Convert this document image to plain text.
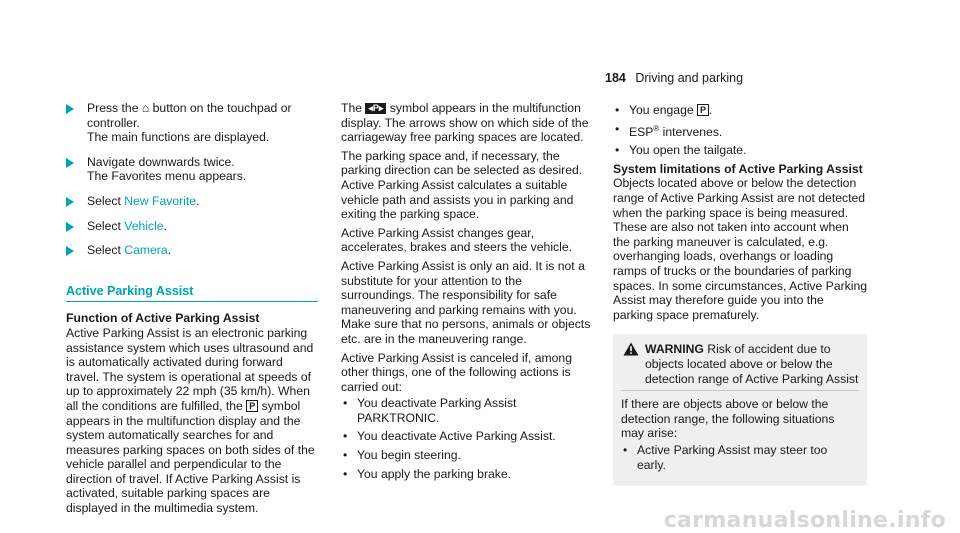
184 Driving and parking

Press the ⌂ button on the touchpad or controller.

The main functions are displayed.

Navigate downwards twice.

The Favorites menu appears.

Select New Favorite.

Select Vehicle.

Select Camera.

Active Parking Assist

Function of Active Parking Assist

Active Parking Assist is an electronic parking assistance system which uses ultrasound and is automatically activated during forward travel. The system is operational at speeds of up to approximately 22 mph (35 km/h). When all the conditions are fulfilled, the P symbol appears in the multifunction display and the system automatically searches for and measures parking spaces on both sides of the vehicle parallel and perpendicular to the direction of travel. If Active Parking Assist is activated, suitable parking spaces are displayed in the multimedia system.

The ◂P▸ symbol appears in the multifunction display. The arrows show on which side of the carriageway free parking spaces are located.

The parking space and, if necessary, the parking direction can be selected as desired. Active Parking Assist calculates a suitable vehicle path and assists you in parking and exiting the parking space.

Active Parking Assist changes gear, accelerates, brakes and steers the vehicle.

Active Parking Assist is only an aid. It is not a substitute for your attention to the surroundings. The responsibility for safe maneuvering and parking remains with you. Make sure that no persons, animals or objects etc. are in the maneuvering range.

Active Parking Assist is canceled if, among other things, one of the following actions is carried out:

• You deactivate Parking Assist PARKTRONIC.
• You deactivate Active Parking Assist.
• You begin steering.
• You apply the parking brake.
• You engage P .
• ESP® intervenes.
• You open the tailgate.

System limitations of Active Parking Assist

Objects located above or below the detection range of Active Parking Assist are not detected when the parking space is being measured. These are also not taken into account when the parking maneuver is calculated, e.g. overhanging loads, overhangs or loading ramps of trucks or the boundaries of parking spaces. In some circumstances, Active Parking Assist may therefore guide you into the parking space prematurely.

WARNING Risk of accident due to objects located above or below the detection range of Active Parking Assist

If there are objects above or below the detection range, the following situations may arise:

• Active Parking Assist may steer too early.
carmanualsonline.info
